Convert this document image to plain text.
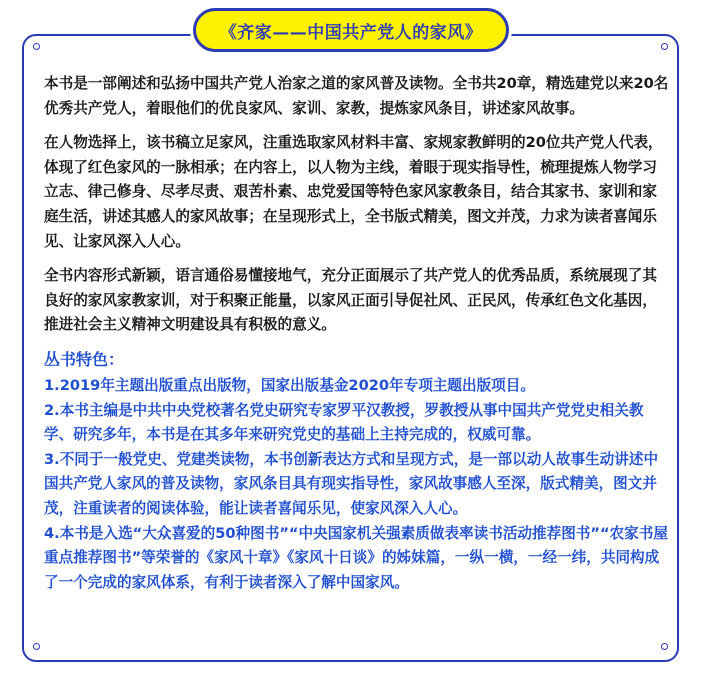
《齐家——中国共产党人的家风》

本书是一部阐述和弘扬中国共产党人治家之道的家风普及读物。全书共20章，精选建党以来20名优秀共产党人，着眼他们的优良家风、家训、家教，提炼家风条目，讲述家风故事。

在人物选择上，该书稿立足家风，注重选取家风材料丰富、家规家教鲜明的20位共产党人代表，体现了红色家风的一脉相承；在内容上，以人物为主线，着眼于现实指导性，梳理提炼人物学习立志、律己修身、尽孝尽责、艰苦朴素、忠党爱国等特色家风家教条目，结合其家书、家训和家庭生活，讲述其感人的家风故事；在呈现形式上，全书版式精美，图文并茂，力求为读者喜闻乐见、让家风深入人心。

全书内容形式新颖，语言通俗易懂接地气，充分正面展示了共产党人的优秀品质，系统展现了其良好的家风家教家训，对于积聚正能量，以家风正面引导促社风、正民风，传承红色文化基因，推进社会主义精神文明建设具有积极的意义。

丛书特色：

1.2019年主题出版重点出版物，国家出版基金2020年专项主题出版项目。

2.本书主编是中共中央党校著名党史研究专家罗平汉教授，罗教授从事中国共产党党史相关教学、研究多年，本书是在其多年来研究党史的基础上主持完成的，权威可靠。

3.不同于一般党史、党建类读物，本书创新表达方式和呈现方式，是一部以动人故事生动讲述中国共产党人家风的普及读物，家风条目具有现实指导性，家风故事感人至深，版式精美，图文并茂，注重读者的阅读体验，能让读者喜闻乐见，使家风深入人心。

4.本书是入选“大众喜爱的50种图书”“中央国家机关强素质做表率读书活动推荐图书”“农家书屋重点推荐图书”等荣誉的《家风十章》《家风十日谈》的姊妹篇，一纵一横，一经一纬，共同构成了一个完成的家风体系，有利于读者深入了解中国家风。
